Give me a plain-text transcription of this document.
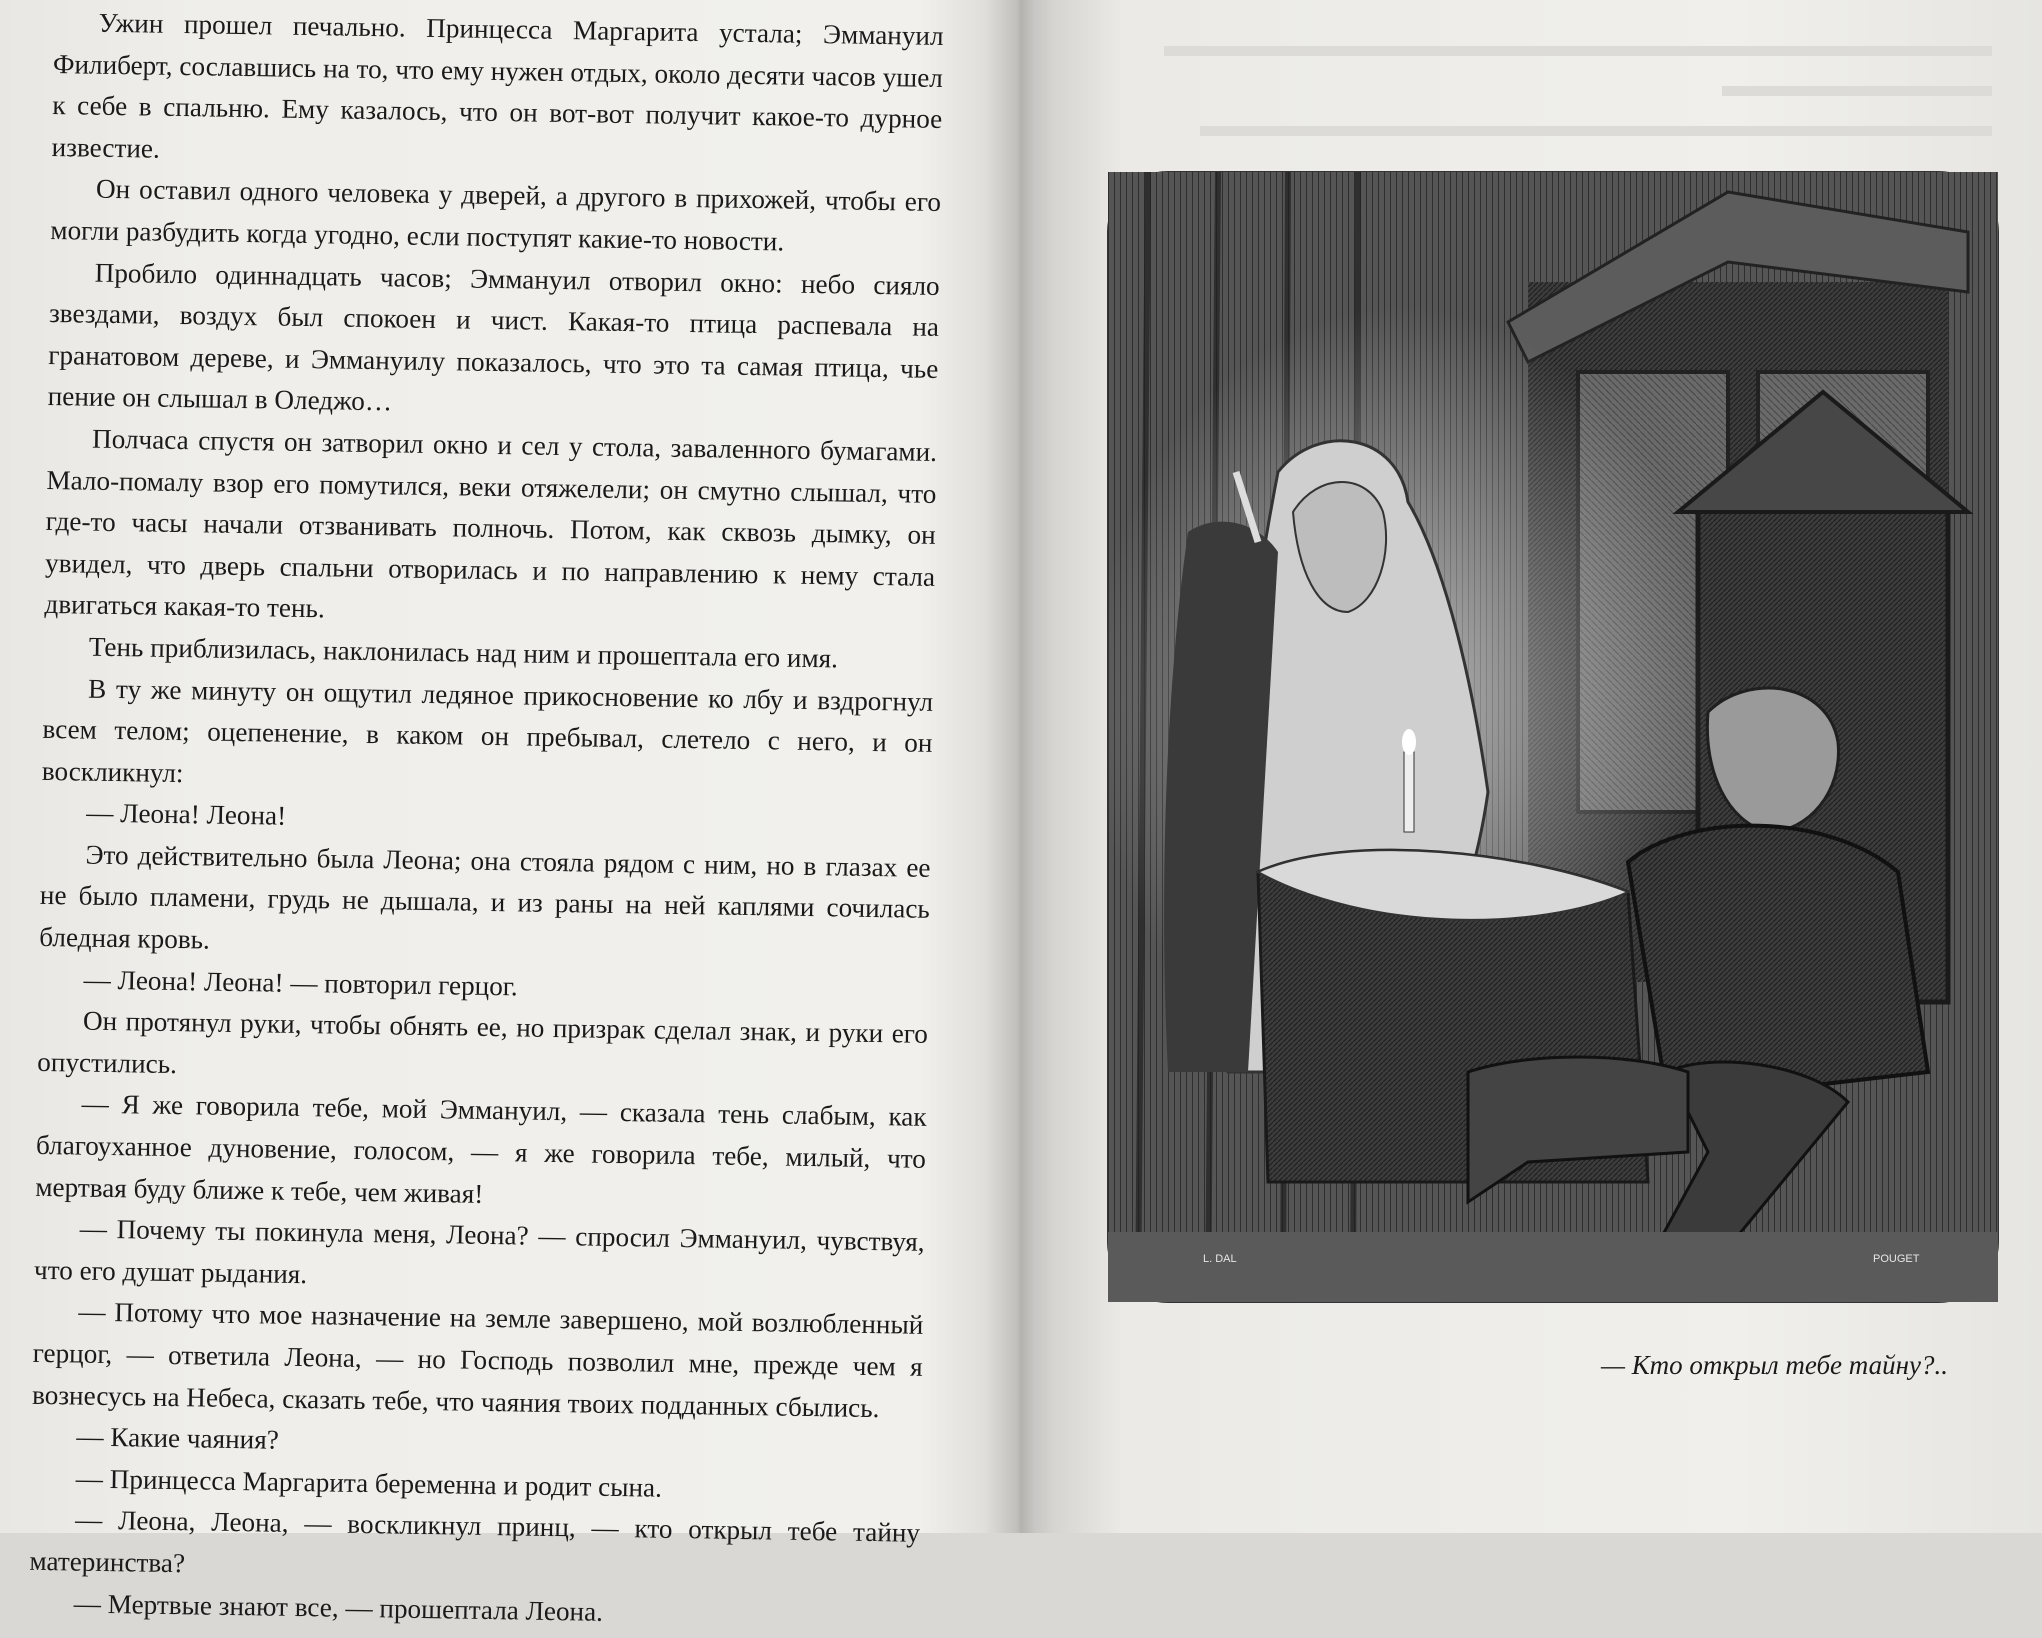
Ужин прошел печально. Принцесса Маргарита устала; Эммануил Филиберт, сославшись на то, что ему нужен отдых, около десяти часов ушел к себе в спальню. Ему казалось, что он вот-вот получит какое-то дурное известие.

Он оставил одного человека у дверей, а другого в прихожей, чтобы его могли разбудить когда угодно, если поступят какие-то новости.

Пробило одиннадцать часов; Эммануил отворил окно: небо сияло звездами, воздух был спокоен и чист. Какая-то птица распевала на гранатовом дереве, и Эммануилу показалось, что это та самая птица, чье пение он слышал в Оледжо…

Полчаса спустя он затворил окно и сел у стола, заваленного бумагами. Мало-помалу взор его помутился, веки отяжелели; он смутно слышал, что где-то часы начали отзванивать полночь. Потом, как сквозь дымку, он увидел, что дверь спальни отворилась и по направлению к нему стала двигаться какая-то тень.

Тень приблизилась, наклонилась над ним и прошептала его имя.

В ту же минуту он ощутил ледяное прикосновение ко лбу и вздрогнул всем телом; оцепенение, в каком он пребывал, слетело с него, и он воскликнул:

— Леона! Леона!

Это действительно была Леона; она стояла рядом с ним, но в глазах ее не было пламени, грудь не дышала, и из раны на ней каплями сочилась бледная кровь.

— Леона! Леона! — повторил герцог.

Он протянул руки, чтобы обнять ее, но призрак сделал знак, и руки его опустились.

— Я же говорила тебе, мой Эммануил, — сказала тень слабым, как благоуханное дуновение, голосом, — я же говорила тебе, милый, что мертвая буду ближе к тебе, чем живая!

— Почему ты покинула меня, Леона? — спросил Эммануил, чувствуя, что его душат рыдания.

— Потому что мое назначение на земле завершено, мой возлюбленный герцог, — ответила Леона, — но Господь позволил мне, прежде чем я вознесусь на Небеса, сказать тебе, что чаяния твоих подданных сбылись.

— Какие чаяния?

— Принцесса Маргарита беременна и родит сына.

— Леона, Леона, — воскликнул принц, — кто открыл тебе тайну материнства?

— Мертвые знают все, — прошептала Леона.

L. DAL	POUGET
— Кто открыл тебе тайну?..
